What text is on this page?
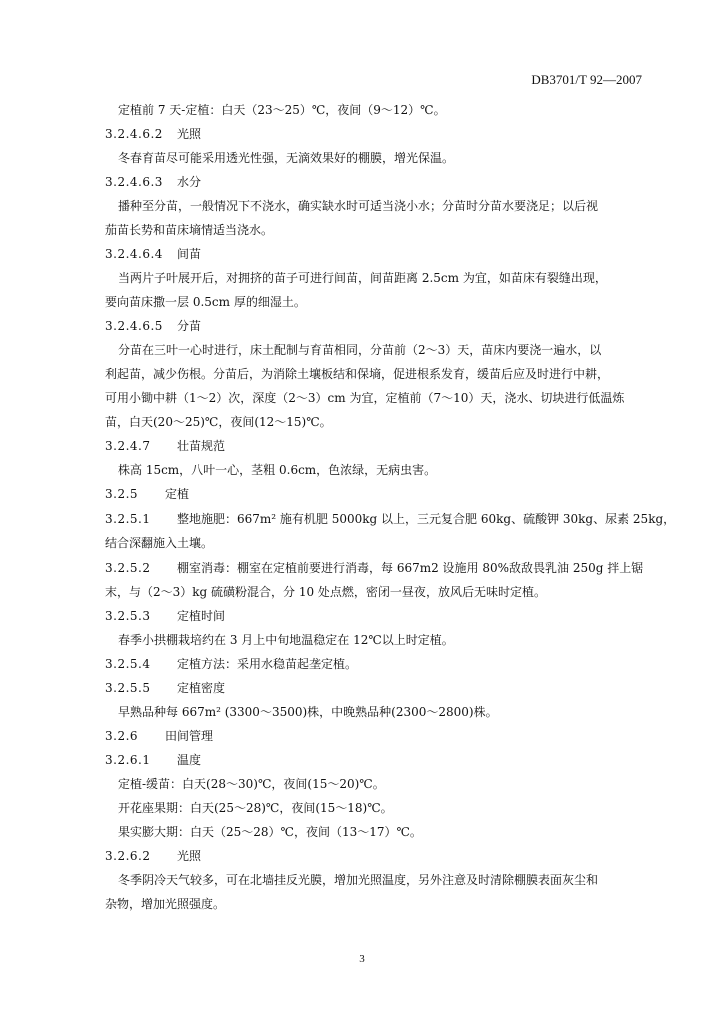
DB3701/T 92—2007
定植前 7 天-定植：白天（23～25）℃，夜间（9～12）℃。
3.2.4.6.2 光照
冬春育苗尽可能采用透光性强，无滴效果好的棚膜，增光保温。
3.2.4.6.3 水分
播种至分苗，一般情况下不浇水，确实缺水时可适当浇小水；分苗时分苗水要浇足；以后视
茄苗长势和苗床墒情适当浇水。
3.2.4.6.4 间苗
当两片子叶展开后，对拥挤的苗子可进行间苗，间苗距离 2.5cm 为宜，如苗床有裂缝出现，
要向苗床撒一层 0.5cm 厚的细湿土。
3.2.4.6.5 分苗
分苗在三叶一心时进行，床土配制与育苗相同，分苗前（2～3）天，苗床内要浇一遍水，以
利起苗，减少伤根。分苗后，为消除土壤板结和保墒，促进根系发育，缓苗后应及时进行中耕，
可用小锄中耕（1～2）次，深度（2～3）cm 为宜，定植前（7～10）天，浇水、切块进行低温炼
苗，白天(20～25)℃，夜间(12～15)℃。
3.2.4.7 壮苗规范
株高 15cm，八叶一心，茎粗 0.6cm，色浓绿，无病虫害。
3.2.5 定植
3.2.5.1 整地施肥：667m² 施有机肥 5000kg 以上，三元复合肥 60kg、硫酸钾 30kg、尿素 25kg，
结合深翻施入土壤。
3.2.5.2 棚室消毒：棚室在定植前要进行消毒，每 667m2 设施用 80%敌敌畏乳油 250g 拌上锯
末，与（2～3）kg 硫磺粉混合，分 10 处点燃，密闭一昼夜，放风后无味时定植。
3.2.5.3 定植时间
春季小拱棚栽培约在 3 月上中旬地温稳定在 12℃以上时定植。
3.2.5.4 定植方法：采用水稳苗起垄定植。
3.2.5.5 定植密度
早熟品种每 667m² (3300～3500)株，中晚熟品种(2300～2800)株。
3.2.6 田间管理
3.2.6.1 温度
定植-缓苗：白天(28～30)℃，夜间(15～20)℃。
开花座果期：白天(25～28)℃，夜间(15～18)℃。
果实膨大期：白天（25～28）℃，夜间（13～17）℃。
3.2.6.2 光照
冬季阴冷天气较多，可在北墙挂反光膜，增加光照温度，另外注意及时清除棚膜表面灰尘和
杂物，增加光照强度。
3
